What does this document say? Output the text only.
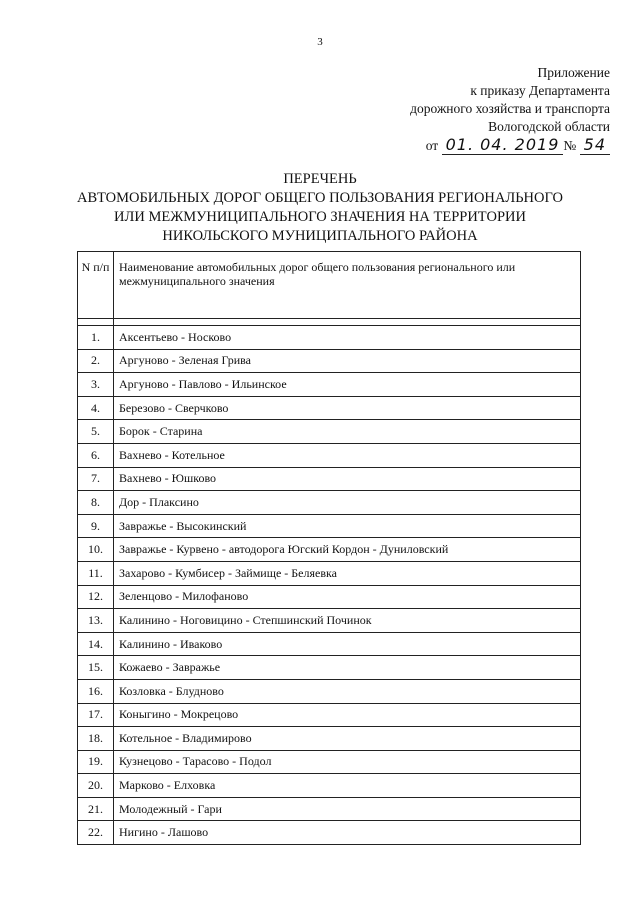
3
Приложение
к приказу Департамента
дорожного хозяйства и транспорта
Вологодской области
от 01. 04. 2019 № 54
ПЕРЕЧЕНЬ
АВТОМОБИЛЬНЫХ ДОРОГ ОБЩЕГО ПОЛЬЗОВАНИЯ РЕГИОНАЛЬНОГО
ИЛИ МЕЖМУНИЦИПАЛЬНОГО ЗНАЧЕНИЯ НА ТЕРРИТОРИИ
НИКОЛЬСКОГО МУНИЦИПАЛЬНОГО РАЙОНА
N п/п	Наименование автомобильных дорог общего пользования регионального или межмуниципального значения

1.	Аксентьево - Носково
2.	Аргуново - Зеленая Грива
3.	Аргуново - Павлово - Ильинское
4.	Березово - Сверчково
5.	Борок - Старина
6.	Вахнево - Котельное
7.	Вахнево - Юшково
8.	Дор - Плаксино
9.	Завражье - Высокинский
10.	Завражье - Курвено - автодорога Югский Кордон - Дуниловский
11.	Захарово - Кумбисер - Займище - Беляевка
12.	Зеленцово - Милофаново
13.	Калинино - Ноговицино - Степшинский Починок
14.	Калинино - Иваково
15.	Кожаево - Завражье
16.	Козловка - Блудново
17.	Коныгино - Мокрецово
18.	Котельное - Владимирово
19.	Кузнецово - Тарасово - Подол
20.	Марково - Елховка
21.	Молодежный - Гари
22.	Нигино - Лашово
